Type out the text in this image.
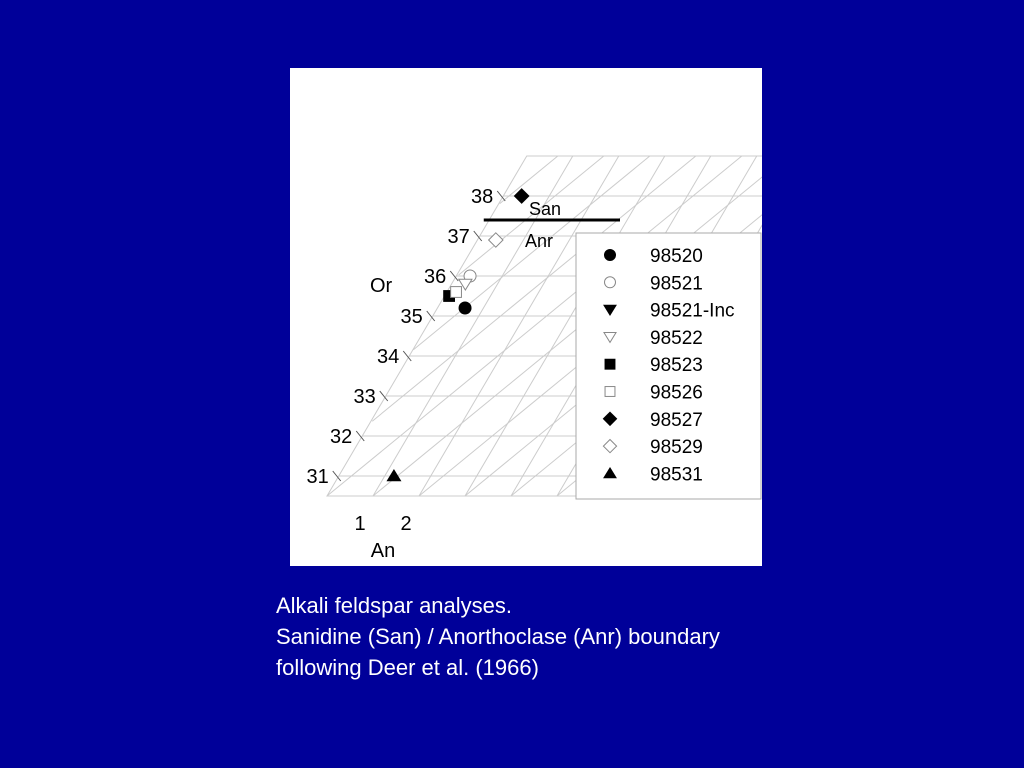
San
Anr
31
32
33
34
35
36
37
38
Or
1 2
An
98520
98521
98521-Inc
98522
98523
98526
98527
98529
98531
Alkali feldspar analyses.
Sanidine (San) / Anorthoclase (Anr) boundary
following Deer et al. (1966)
